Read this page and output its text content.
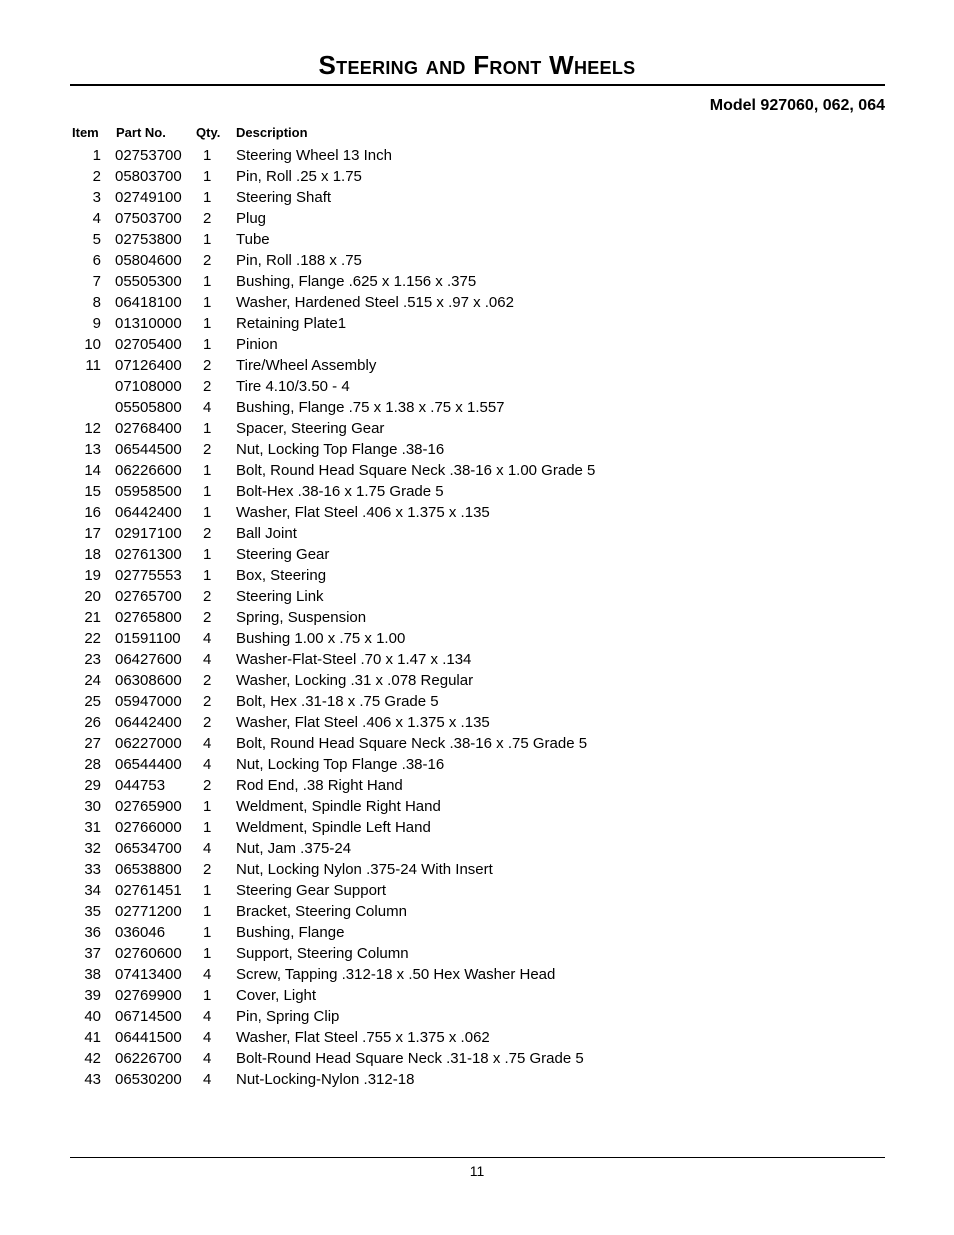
Steering and Front Wheels
Model 927060, 062, 064
Item Part No. Qty. Description
1 02753700 1 Steering Wheel 13 Inch
2 05803700 1 Pin, Roll .25 x 1.75
3 02749100 1 Steering Shaft
4 07503700 2 Plug
5 02753800 1 Tube
6 05804600 2 Pin, Roll .188 x .75
7 05505300 1 Bushing, Flange .625 x 1.156 x .375
8 06418100 1 Washer, Hardened Steel .515 x .97 x .062
9 01310000 1 Retaining Plate1
10 02705400 1 Pinion
11 07126400 2 Tire/Wheel Assembly
07108000 2 Tire 4.10/3.50 - 4
05505800 4 Bushing, Flange .75 x 1.38 x .75 x 1.557
12 02768400 1 Spacer, Steering Gear
13 06544500 2 Nut, Locking Top Flange .38-16
14 06226600 1 Bolt, Round Head Square Neck .38-16 x 1.00 Grade 5
15 05958500 1 Bolt-Hex .38-16 x 1.75 Grade 5
16 06442400 1 Washer, Flat Steel .406 x 1.375 x .135
17 02917100 2 Ball Joint
18 02761300 1 Steering Gear
19 02775553 1 Box, Steering
20 02765700 2 Steering Link
21 02765800 2 Spring, Suspension
22 01591100 4 Bushing 1.00 x .75 x 1.00
23 06427600 4 Washer-Flat-Steel .70 x 1.47 x .134
24 06308600 2 Washer, Locking .31 x .078 Regular
25 05947000 2 Bolt, Hex .31-18 x .75 Grade 5
26 06442400 2 Washer, Flat Steel .406 x 1.375 x .135
27 06227000 4 Bolt, Round Head Square Neck .38-16 x .75 Grade 5
28 06544400 4 Nut, Locking Top Flange .38-16
29 044753	2 Rod End, .38 Right Hand
30 02765900 1 Weldment, Spindle Right Hand
31 02766000 1 Weldment, Spindle Left Hand
32 06534700 4 Nut, Jam .375-24
33 06538800 2 Nut, Locking Nylon .375-24 With Insert
34 02761451 1 Steering Gear Support
35 02771200 1 Bracket, Steering Column
36 036046	1 Bushing, Flange
37 02760600 1 Support, Steering Column
38 07413400 4 Screw, Tapping .312-18 x .50 Hex Washer Head
39 02769900 1 Cover, Light
40 06714500 4 Pin, Spring Clip
41 06441500 4 Washer, Flat Steel .755 x 1.375 x .062
42 06226700 4 Bolt-Round Head Square Neck .31-18 x .75 Grade 5
43 06530200 4 Nut-Locking-Nylon .312-18
11
